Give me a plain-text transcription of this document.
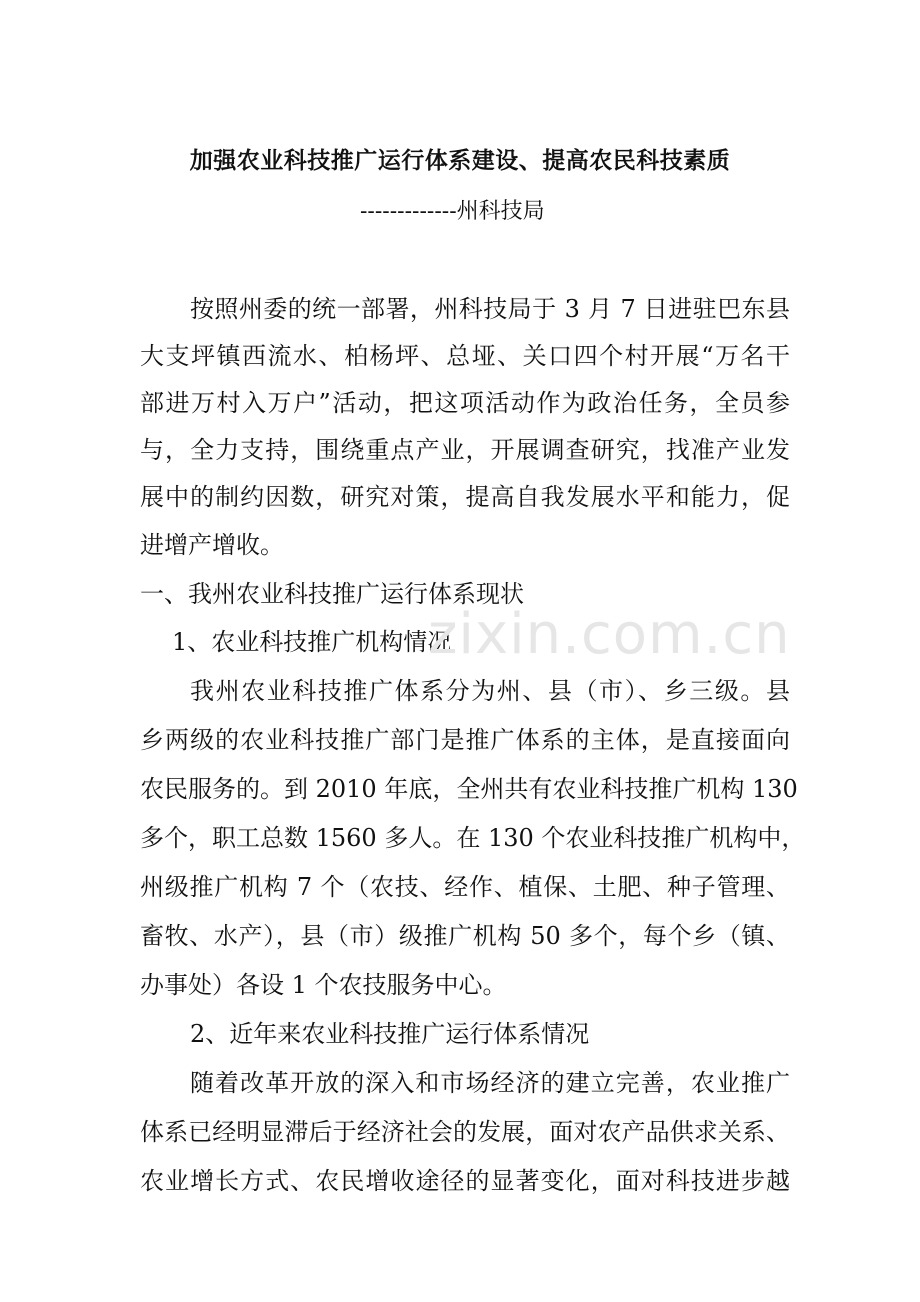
加强农业科技推广运行体系建设、提高农民科技素质
-------------州科技局
按照州委的统一部署，州科技局于 3 月 7 日进驻巴东县
大支坪镇西流水、柏杨坪、总垭、关口四个村开展“万名干
部进万村入万户”活动，把这项活动作为政治任务，全员参
与，全力支持，围绕重点产业，开展调查研究，找准产业发
展中的制约因数，研究对策，提高自我发展水平和能力，促
进增产增收。
一、我州农业科技推广运行体系现状
1、农业科技推广机构情况
我州农业科技推广体系分为州、县（市）、乡三级。县
乡两级的农业科技推广部门是推广体系的主体，是直接面向
农民服务的。到 2010 年底，全州共有农业科技推广机构 130
多个，职工总数 1560 多人。在 130 个农业科技推广机构中，
州级推广机构 7 个（农技、经作、植保、土肥、种子管理、
畜牧、水产），县（市）级推广机构 50 多个，每个乡（镇、
办事处）各设 1 个农技服务中心。
2、近年来农业科技推广运行体系情况
随着改革开放的深入和市场经济的建立完善，农业推广
体系已经明显滞后于经济社会的发展，面对农产品供求关系、
农业增长方式、农民增收途径的显著变化，面对科技进步越
zixin.com.cn
